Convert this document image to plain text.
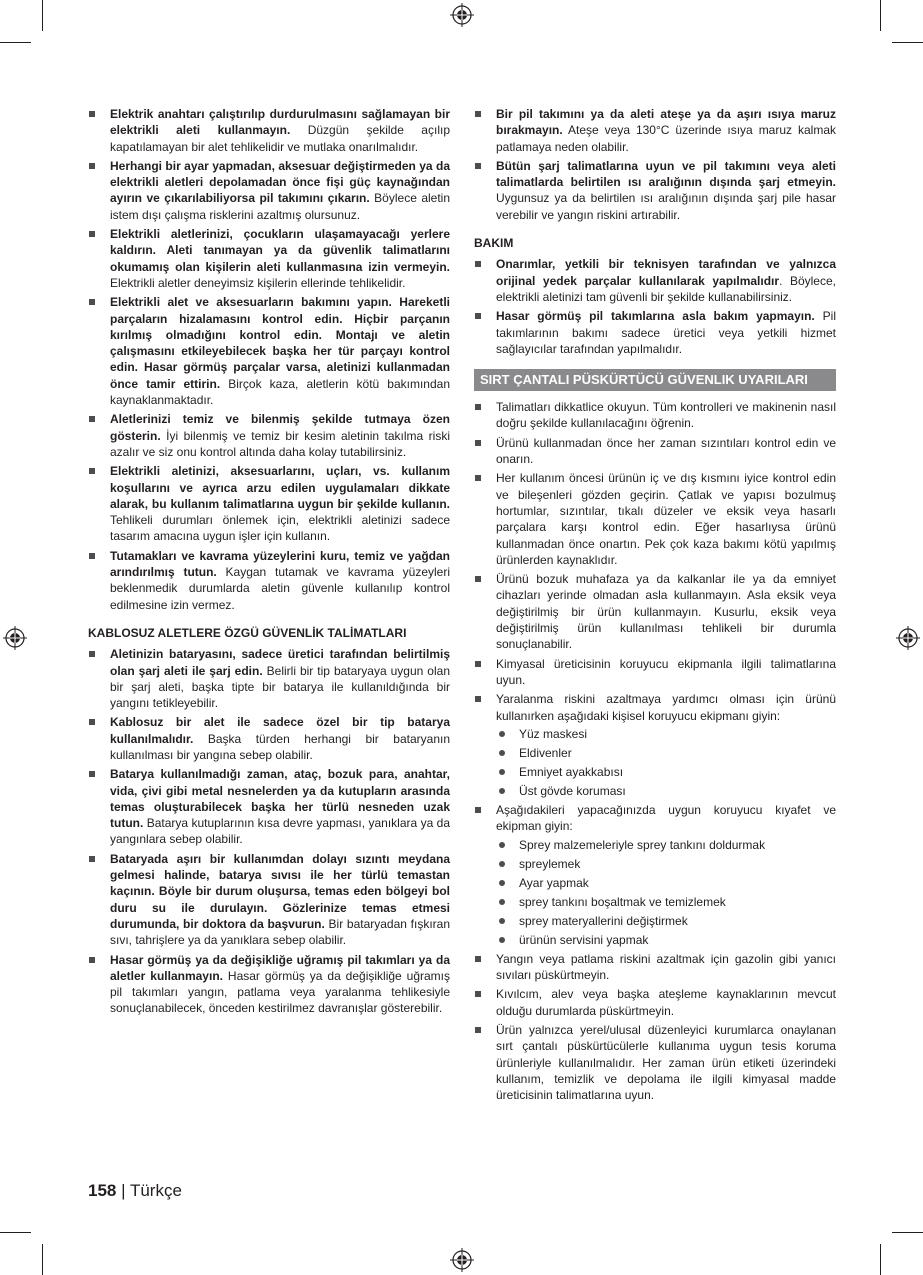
Elektrik anahtarı çalıştırılıp durdurulmasını sağlamayan bir elektrikli aleti kullanmayın. Düzgün şekilde açılıp kapatılamayan bir alet tehlikelidir ve mutlaka onarılmalıdır.
Herhangi bir ayar yapmadan, aksesuar değiştirmeden ya da elektrikli aletleri depolamadan önce fişi güç kaynağından ayırın ve çıkarılabiliyorsa pil takımını çıkarın. Böylece aletin istem dışı çalışma risklerini azaltmış olursunuz.
Elektrikli aletlerinizi, çocukların ulaşamayacağı yerlere kaldırın. Aleti tanımayan ya da güvenlik talimatlarını okumamış olan kişilerin aleti kullanmasına izin vermeyin. Elektrikli aletler deneyimsiz kişilerin ellerinde tehlikelidir.
Elektrikli alet ve aksesuarların bakımını yapın. Hareketli parçaların hizalamasını kontrol edin. Hiçbir parçanın kırılmış olmadığını kontrol edin. Montajı ve aletin çalışmasını etkileyebilecek başka her tür parçayı kontrol edin. Hasar görmüş parçalar varsa, aletinizi kullanmadan önce tamir ettirin. Birçok kaza, aletlerin kötü bakımından kaynaklanmaktadır.
Aletlerinizi temiz ve bilenmiş şekilde tutmaya özen gösterin. İyi bilenmiş ve temiz bir kesim aletinin takılma riski azalır ve siz onu kontrol altında daha kolay tutabilirsiniz.
Elektrikli aletinizi, aksesuarlarını, uçları, vs. kullanım koşullarını ve ayrıca arzu edilen uygulamaları dikkate alarak, bu kullanım talimatlarına uygun bir şekilde kullanın. Tehlikeli durumları önlemek için, elektrikli aletinizi sadece tasarım amacına uygun işler için kullanın.
Tutamakları ve kavrama yüzeylerini kuru, temiz ve yağdan arındırılmış tutun. Kaygan tutamak ve kavrama yüzeyleri beklenmedik durumlarda aletin güvenle kullanılıp kontrol edilmesine izin vermez.
KABLOSUZ ALETLERE ÖZGÜ GÜVENLİK TALİMATLARI
Aletinizin bataryasını, sadece üretici tarafından belirtilmiş olan şarj aleti ile şarj edin. Belirli bir tip bataryaya uygun olan bir şarj aleti, başka tipte bir batarya ile kullanıldığında bir yangını tetikleyebilir.
Kablosuz bir alet ile sadece özel bir tip batarya kullanılmalıdır. Başka türden herhangi bir bataryanın kullanılması bir yangına sebep olabilir.
Batarya kullanılmadığı zaman, ataç, bozuk para, anahtar, vida, çivi gibi metal nesnelerden ya da kutupların arasında temas oluşturabilecek başka her türlü nesneden uzak tutun. Batarya kutuplarının kısa devre yapması, yanıklara ya da yangınlara sebep olabilir.
Bataryada aşırı bir kullanımdan dolayı sızıntı meydana gelmesi halinde, batarya sıvısı ile her türlü temastan kaçının. Böyle bir durum oluşursa, temas eden bölgeyi bol duru su ile durulayın. Gözlerinize temas etmesi durumunda, bir doktora da başvurun. Bir bataryadan fışkıran sıvı, tahrişlere ya da yanıklara sebep olabilir.
Hasar görmüş ya da değişikliğe uğramış pil takımları ya da aletler kullanmayın. Hasar görmüş ya da değişikliğe uğramış pil takımları yangın, patlama veya yaralanma tehlikesiyle sonuçlanabilecek, önceden kestirilmez davranışlar gösterebilir.
Bir pil takımını ya da aleti ateşe ya da aşırı ısıya maruz bırakmayın. Ateşe veya 130°C üzerinde ısıya maruz kalmak patlamaya neden olabilir.
Bütün şarj talimatlarına uyun ve pil takımını veya aleti talimatlarda belirtilen ısı aralığının dışında şarj etmeyin. Uygunsuz ya da belirtilen ısı aralığının dışında şarj pile hasar verebilir ve yangın riskini artırabilir.
BAKIM
Onarımlar, yetkili bir teknisyen tarafından ve yalnızca orijinal yedek parçalar kullanılarak yapılmalıdır. Böylece, elektrikli aletinizi tam güvenli bir şekilde kullanabilirsiniz.
Hasar görmüş pil takımlarına asla bakım yapmayın. Pil takımlarının bakımı sadece üretici veya yetkili hizmet sağlayıcılar tarafından yapılmalıdır.
SIRT ÇANTALI PÜSKÜRTÜCÜ GÜVENLIK UYARILARI
Talimatları dikkatlice okuyun. Tüm kontrolleri ve makinenin nasıl doğru şekilde kullanılacağını öğrenin.
Ürünü kullanmadan önce her zaman sızıntıları kontrol edin ve onarın.
Her kullanım öncesi ürünün iç ve dış kısmını iyice kontrol edin ve bileşenleri gözden geçirin. Çatlak ve yapısı bozulmuş hortumlar, sızıntılar, tıkalı düzeler ve eksik veya hasarlı parçalara karşı kontrol edin. Eğer hasarlıysa ürünü kullanmadan önce onartın. Pek çok kaza bakımı kötü yapılmış ürünlerden kaynaklıdır.
Ürünü bozuk muhafaza ya da kalkanlar ile ya da emniyet cihazları yerinde olmadan asla kullanmayın. Asla eksik veya değiştirilmiş bir ürün kullanmayın. Kusurlu, eksik veya değiştirilmiş ürün kullanılması tehlikeli bir durumla sonuçlanabilir.
Kimyasal üreticisinin koruyucu ekipmanla ilgili talimatlarına uyun.
Yaralanma riskini azaltmaya yardımcı olması için ürünü kullanırken aşağıdaki kişisel koruyucu ekipmanı giyin:
Yüz maskesi
Eldivenler
Emniyet ayakkabısı
Üst gövde koruması
Aşağıdakileri yapacağınızda uygun koruyucu kıyafet ve ekipman giyin:
Sprey malzemeleriyle sprey tankını doldurmak
spreylemek
Ayar yapmak
sprey tankını boşaltmak ve temizlemek
sprey materyallerini değiştirmek
ürünün servisini yapmak
Yangın veya patlama riskini azaltmak için gazolin gibi yanıcı sıvıları püskürtmeyin.
Kıvılcım, alev veya başka ateşleme kaynaklarının mevcut olduğu durumlarda püskürtmeyin.
Ürün yalnızca yerel/ulusal düzenleyici kurumlarca onaylanan sırt çantalı püskürtücülerle kullanıma uygun tesis koruma ürünleriyle kullanılmalıdır. Her zaman ürün etiketi üzerindeki kullanım, temizlik ve depolama ile ilgili kimyasal madde üreticisinin talimatlarına uyun.
158 | Türkçe
